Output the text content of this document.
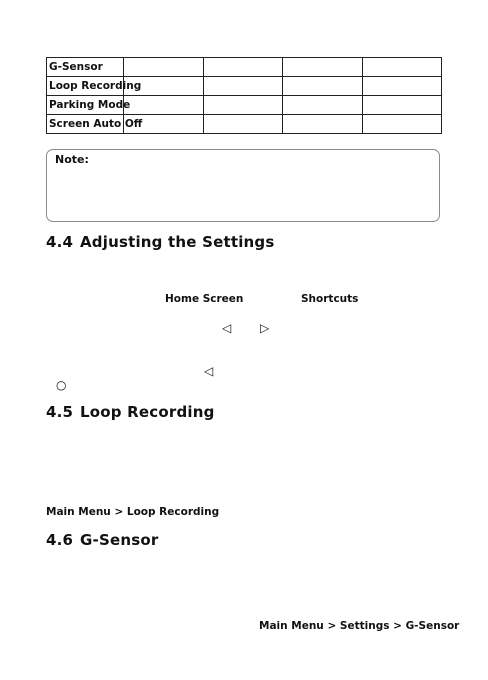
G-Sensor				
Loop Recording				
Parking Mode				
Screen Auto Off				
Note:
4.4 Adjusting the Settings
Home Screen	Shortcuts
◁ ▷
◁
○
4.5 Loop Recording
Main Menu > Loop Recording
4.6 G-Sensor
Main Menu > Settings > G-Sensor
